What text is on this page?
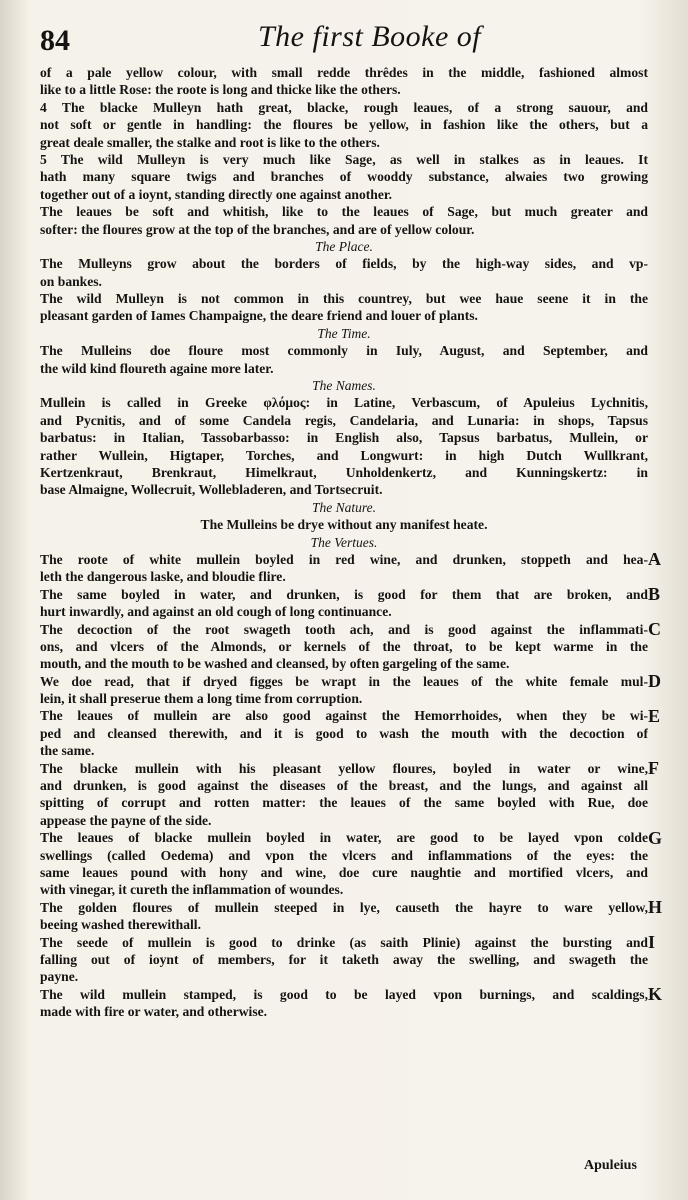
84	The first Booke of
of a pale yellow colour, with small redde thrêdes in the middle, fashioned almost
like to a little Rose: the roote is long and thicke like the others.
4 The blacke Mulleyn hath great, blacke, rough leaues, of a strong sauour, and
not soft or gentle in handling: the floures be yellow, in fashion like the others, but a
great deale smaller, the stalke and root is like to the others.
5 The wild Mulleyn is very much like Sage, as well in stalkes as in leaues. It
hath many square twigs and branches of wooddy substance, alwaies two growing
together out of a ioynt, standing directly one against another.
The leaues be soft and whitish, like to the leaues of Sage, but much greater and
softer: the floures grow at the top of the branches, and are of yellow colour.
The Place.
The Mulleyns grow about the borders of fields, by the high-way sides, and vp-
on bankes.
The wild Mulleyn is not common in this countrey, but wee haue seene it in the
pleasant garden of Iames Champaigne, the deare friend and louer of plants.
The Time.
The Mulleins doe floure most commonly in Iuly, August, and September, and
the wild kind floureth againe more later.
The Names.
Mullein is called in Greeke φλόμος: in Latine, Verbascum, of Apuleius Lychnitis,
and Pycnitis, and of some Candela regis, Candelaria, and Lunaria: in shops, Tapsus
barbatus: in Italian, Tassobarbasso: in English also, Tapsus barbatus, Mullein, or
rather Wullein, Higtaper, Torches, and Longwurt: in high Dutch Wullkrant,
Kertzenkraut, Brenkraut, Himelkraut, Unholdenkertz, and Kunningskertz: in
base Almaigne, Wollecruit, Wollebladeren, and Tortsecruit.
The Nature.
The Mulleins be drye without any manifest heate.
The Vertues.
The roote of white mullein boyled in red wine, and drunken, stoppeth and hea-
leth the dangerous laske, and bloudie flire.
The same boyled in water, and drunken, is good for them that are broken, and
hurt inwardly, and against an old cough of long continuance.
The decoction of the root swageth tooth ach, and is good against the inflammati-
ons, and vlcers of the Almonds, or kernels of the throat, to be kept warme in the
mouth, and the mouth to be washed and cleansed, by often gargeling of the same.
We doe read, that if dryed figges be wrapt in the leaues of the white female mul-
lein, it shall preserue them a long time from corruption.
The leaues of mullein are also good against the Hemorrhoides, when they be wi-
ped and cleansed therewith, and it is good to wash the mouth with the decoction of
the same.
The blacke mullein with his pleasant yellow floures, boyled in water or wine,
and drunken, is good against the diseases of the breast, and the lungs, and against all
spitting of corrupt and rotten matter: the leaues of the same boyled with Rue, doe
appease the payne of the side.
The leaues of blacke mullein boyled in water, are good to be layed vpon colde
swellings (called Oedema) and vpon the vlcers and inflammations of the eyes: the
same leaues pound with hony and wine, doe cure naughtie and mortified vlcers, and
with vinegar, it cureth the inflammation of woundes.
The golden floures of mullein steeped in lye, causeth the hayre to ware yellow,
beeing washed therewithall.
The seede of mullein is good to drinke (as saith Plinie) against the bursting and
falling out of ioynt of members, for it taketh away the swelling, and swageth the
payne.
The wild mullein stamped, is good to be layed vpon burnings, and scaldings,
made with fire or water, and otherwise.
A
B
C
D
E
F
G
H
I
K
Apuleius
